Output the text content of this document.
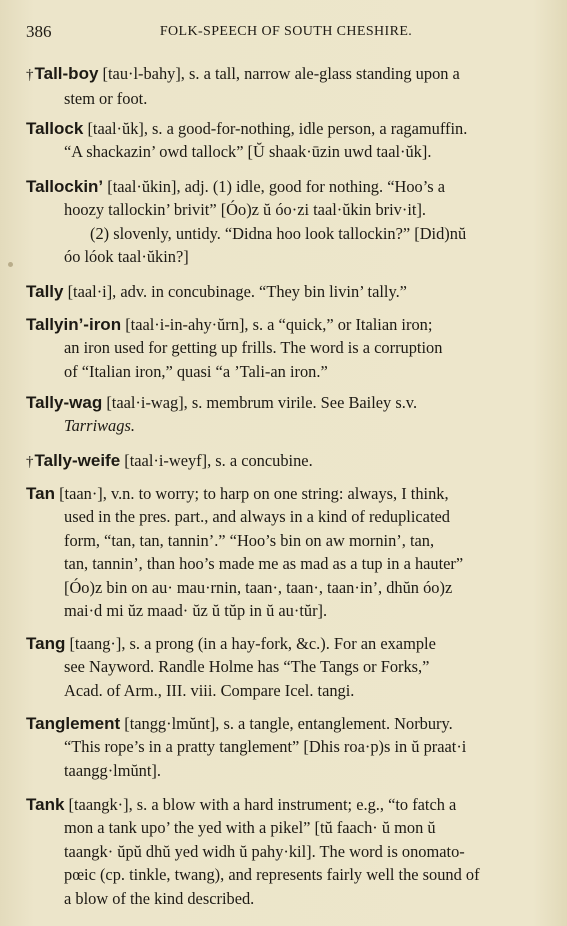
386	FOLK-SPEECH OF SOUTH CHESHIRE.
†Tall-boy [tau·l-bahy], s. a tall, narrow ale-glass standing upon a
stem or foot.
Tallock [taal·ŭk], s. a good-for-nothing, idle person, a ragamuffin.
“A shackazin’ owd tallock” [Ŭ shaak·ūzin uwd taal·ŭk].
Tallockin’ [taal·ŭkin], adj. (1) idle, good for nothing. “Hoo’s a
hoozy tallockin’ brivit” [Óo)z ŭ óo·zi taal·ŭkin briv·it].
(2) slovenly, untidy. “Didna hoo look tallockin?” [Did)nŭ
óo lóok taal·ŭkin?]
Tally [taal·i], adv. in concubinage. “They bin livin’ tally.”
Tallyin’-iron [taal·i-in-ahy·ŭrn], s. a “quick,” or Italian iron;
an iron used for getting up frills. The word is a corruption
of “Italian iron,” quasi “a ’Tali-an iron.”
Tally-wag [taal·i-wag], s. membrum virile. See Bailey s.v.
Tarriwags.
†Tally-weife [taal·i-weyf], s. a concubine.
Tan [taan·], v.n. to worry; to harp on one string: always, I think,
used in the pres. part., and always in a kind of reduplicated
form, “tan, tan, tannin’.” “Hoo’s bin on aw mornin’, tan,
tan, tannin’, than hoo’s made me as mad as a tup in a hauter”
[Óo)z bin on au· mau·rnin, taan·, taan·, taan·in’, dhŭn óo)z
mai·d mi ŭz maad· ŭz ŭ tŭp in ŭ au·tŭr].
Tang [taang·], s. a prong (in a hay-fork, &c.). For an example
see Nayword. Randle Holme has “The Tangs or Forks,”
Acad. of Arm., III. viii. Compare Icel. tangi.
Tanglement [tangg·lmŭnt], s. a tangle, entanglement. Norbury.
“This rope’s in a pratty tanglement” [Dhis roa·p)s in ŭ praat·i
taangg·lmŭnt].
Tank [taangk·], s. a blow with a hard instrument; e.g., “to fatch a
mon a tank upo’ the yed with a pikel” [tŭ faach· ŭ mon ŭ
taangk· ŭpŭ dhŭ yed widh ŭ pahy·kil]. The word is onomato-
pœic (cp. tinkle, twang), and represents fairly well the sound of
a blow of the kind described.
